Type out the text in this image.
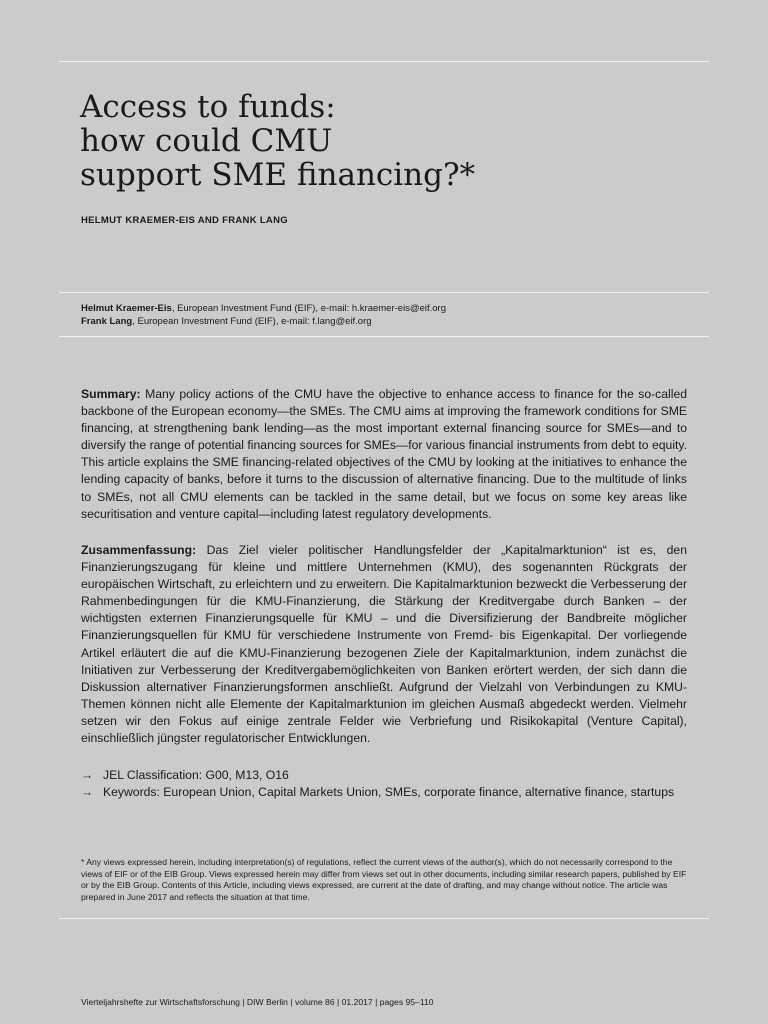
Access to funds:
how could CMU
support SME financing?*
HELMUT KRAEMER-EIS AND FRANK LANG
Helmut Kraemer-Eis, European Investment Fund (EIF), e-mail: h.kraemer-eis@eif.org
Frank Lang, European Investment Fund (EIF), e-mail: f.lang@eif.org

Summary: Many policy actions of the CMU have the objective to enhance access to finance for the so-called backbone of the European economy—the SMEs. The CMU aims at improving the framework conditions for SME financing, at strengthening bank lending—as the most important external financing source for SMEs—and to diversify the range of potential financing sources for SMEs—for various financial instruments from debt to equity. This article explains the SME financing-related objectives of the CMU by looking at the initiatives to enhance the lending capacity of banks, before it turns to the discussion of alternative financing. Due to the multitude of links to SMEs, not all CMU elements can be tackled in the same detail, but we focus on some key areas like securitisation and venture capital—including latest regulatory developments.

Zusammenfassung: Das Ziel vieler politischer Handlungsfelder der „Kapitalmarktunion“ ist es, den Finanzierungszugang für kleine und mittlere Unternehmen (KMU), des sogenannten Rückgrats der europäischen Wirtschaft, zu erleichtern und zu erweitern. Die Kapitalmarktunion bezweckt die Verbesserung der Rahmenbedingungen für die KMU-Finanzierung, die Stärkung der Kreditvergabe durch Banken – der wichtigsten externen Finanzierungsquelle für KMU – und die Diversifizierung der Bandbreite möglicher Finanzierungsquellen für KMU für verschiedene Instrumente von Fremd- bis Eigenkapital. Der vorliegende Artikel erläutert die auf die KMU-Finanzierung bezogenen Ziele der Kapitalmarktunion, indem zunächst die Initiativen zur Verbesserung der Kreditvergabemöglichkeiten von Banken erörtert werden, der sich dann die Diskussion alternativer Finanzierungsformen anschließt. Aufgrund der Vielzahl von Verbindungen zu KMU-Themen können nicht alle Elemente der Kapitalmarktunion im gleichen Ausmaß abgedeckt werden. Vielmehr setzen wir den Fokus auf einige zentrale Felder wie Verbriefung und Risikokapital (Venture Capital), einschließlich jüngster regulatorischer Entwicklungen.

→ JEL Classification: G00, M13, O16
→ Keywords: European Union, Capital Markets Union, SMEs, corporate finance, alternative finance, startups

* Any views expressed herein, including interpretation(s) of regulations, reflect the current views of the author(s), which do not necessarily correspond to the views of EIF or of the EIB Group. Views expressed herein may differ from views set out in other documents, including similar research papers, published by EIF or by the EIB Group. Contents of this Article, including views expressed, are current at the date of drafting, and may change without notice. The article was prepared in June 2017 and reflects the situation at that time.

Vierteljahrshefte zur Wirtschaftsforschung | DIW Berlin | volume 86 | 01.2017 | pages 95–110
